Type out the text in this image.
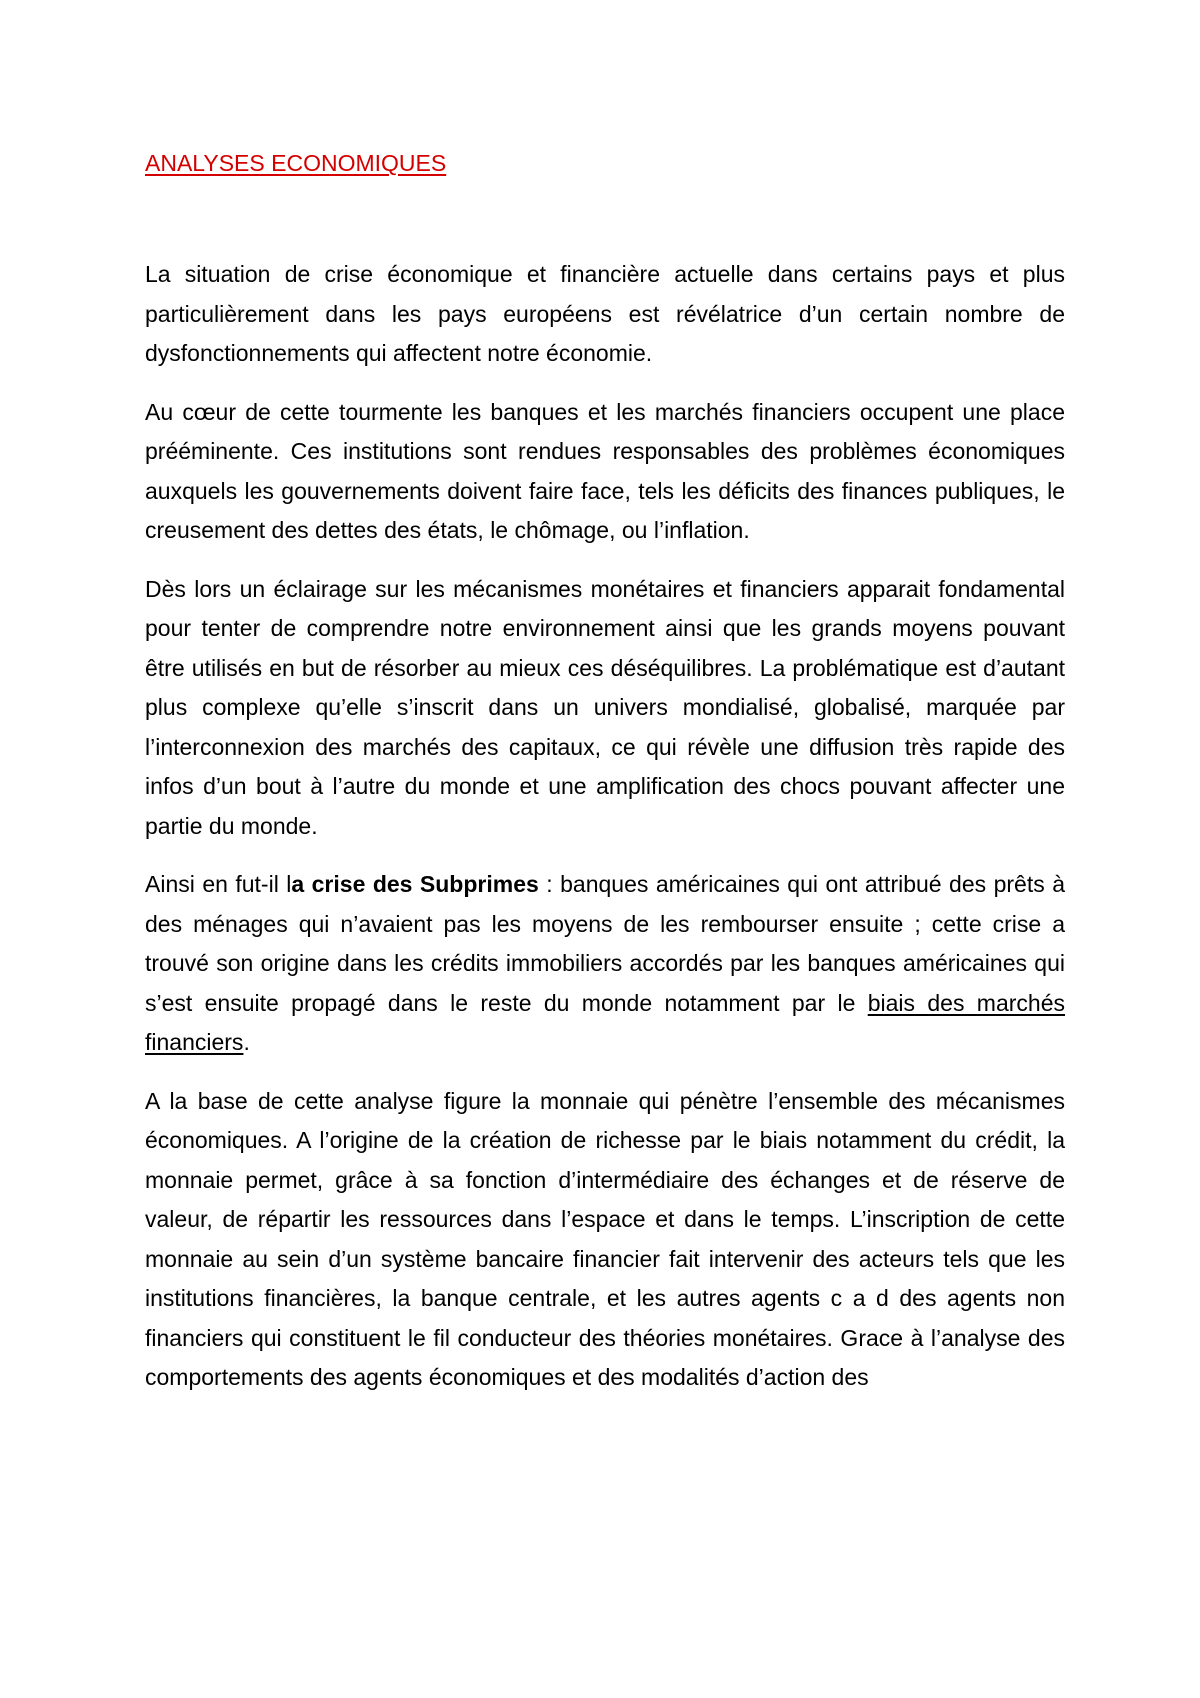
ANALYSES ECONOMIQUES

La situation de crise économique et financière actuelle dans certains pays et plus particulièrement dans les pays européens est révélatrice d’un certain nombre de dysfonctionnements qui affectent notre économie.

Au cœur de cette tourmente les banques et les marchés financiers occupent une place prééminente. Ces institutions sont rendues responsables des problèmes économiques auxquels les gouvernements doivent faire face, tels les déficits des finances publiques, le creusement des dettes des états, le chômage, ou l’inflation.

Dès lors un éclairage sur les mécanismes monétaires et financiers apparait fondamental pour tenter de comprendre notre environnement ainsi que les grands moyens pouvant être utilisés en but de résorber au mieux ces déséquilibres. La problématique est d’autant plus complexe qu’elle s’inscrit dans un univers mondialisé, globalisé, marquée par l’interconnexion des marchés des capitaux, ce qui révèle une diffusion très rapide des infos d’un bout à l’autre du monde et une amplification des chocs pouvant affecter une partie du monde.

Ainsi en fut-il la crise des Subprimes : banques américaines qui ont attribué des prêts à des ménages qui n’avaient pas les moyens de les rembourser ensuite ; cette crise a trouvé son origine dans les crédits immobiliers accordés par les banques américaines qui s’est ensuite propagé dans le reste du monde notamment par le biais des marchés financiers.

A la base de cette analyse figure la monnaie qui pénètre l’ensemble des mécanismes économiques. A l’origine de la création de richesse par le biais notamment du crédit, la monnaie permet, grâce à sa fonction d’intermédiaire des échanges et de réserve de valeur, de répartir les ressources dans l’espace et dans le temps. L’inscription de cette monnaie au sein d’un système bancaire financier fait intervenir des acteurs tels que les institutions financières, la banque centrale, et les autres agents c a d des agents non financiers qui constituent le fil conducteur des théories monétaires. Grace à l’analyse des comportements des agents économiques et des modalités d’action des
